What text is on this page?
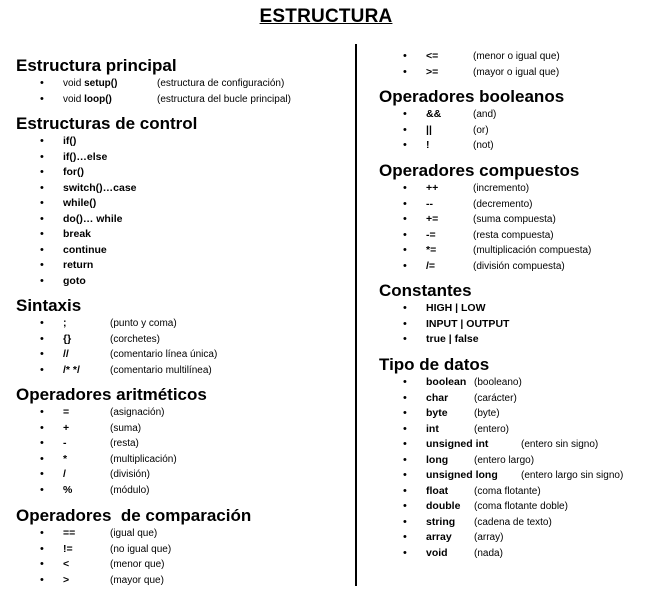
ESTRUCTURA
Estructura principal
• void setup()	(estructura de configuración)
• void loop()	(estructura del bucle principal)
Estructuras de control
• if()
• if()…else
• for()
• switch()…case
• while()
• do()… while
• break
• continue
• return
• goto
Sintaxis
• ;	(punto y coma)
• {}	(corchetes)
• //	(comentario línea única)
• /* */	(comentario multilínea)
Operadores aritméticos
• =	(asignación)
• +	(suma)
• -	(resta)
• *	(multiplicación)
• /	(división)
• %	(módulo)
Operadores  de comparación
• ==	(igual que)
• !=	(no igual que)
• <	(menor que)
• >	(mayor que)
• <=	(menor o igual que)
• >=	(mayor o igual que)
Operadores booleanos
• &&	(and)
• ||	(or)
• !	(not)
Operadores compuestos
• ++	(incremento)
• --	(decremento)
• +=	(suma compuesta)
• -=	(resta compuesta)
• *=	(multiplicación compuesta)
• /=	(división compuesta)
Constantes
• HIGH | LOW
• INPUT | OUTPUT
• true | false
Tipo de datos
• boolean (booleano)
• char	(carácter)
• byte	(byte)
• int	(entero)
• unsigned int	(entero sin signo)
• long	(entero largo)
• unsigned long (entero largo sin signo)
• float	(coma flotante)
• double (coma flotante doble)
• string (cadena de texto)
• array (array)
• void	(nada)
